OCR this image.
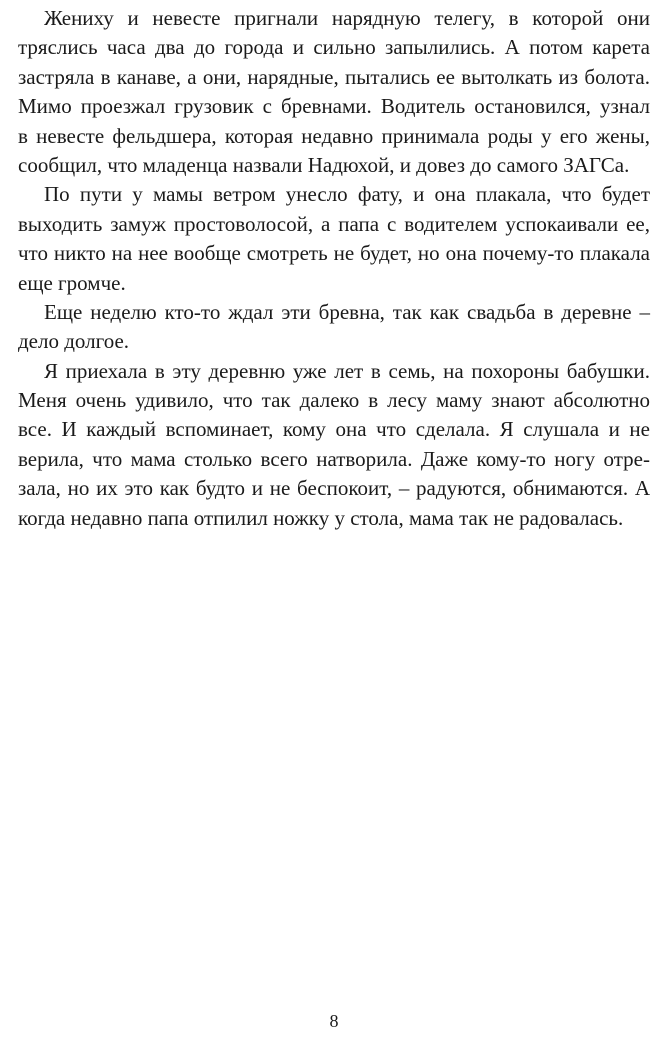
Жениху и невесте пригнали нарядную телегу, в которой они
тряслись часа два до города и сильно запылились. А потом карета
застряла в канаве, а они, нарядные, пытались ее вытолкать из болота.
Мимо проезжал грузовик с бревнами. Водитель остановился, узнал
в невесте фельдшера, которая недавно принимала роды у его жены,
сообщил, что младенца назвали Надюхой, и довез до самого ЗАГСа.
По пути у мамы ветром унесло фату, и она плакала, что будет
выходить замуж простоволосой, а папа с водителем успокаивали ее,
что никто на нее вообще смотреть не будет, но она почему-то плакала
еще громче.
Еще неделю кто-то ждал эти бревна, так как свадьба в деревне –
дело долгое.
Я приехала в эту деревню уже лет в семь, на похороны бабушки.
Меня очень удивило, что так далеко в лесу маму знают абсолютно
все. И каждый вспоминает, кому она что сделала. Я слушала и не
верила, что мама столько всего натворила. Даже кому-то ногу отре-
зала, но их это как будто и не беспокоит, – радуются, обнимаются. А
когда недавно папа отпилил ножку у стола, мама так не радовалась.
8
